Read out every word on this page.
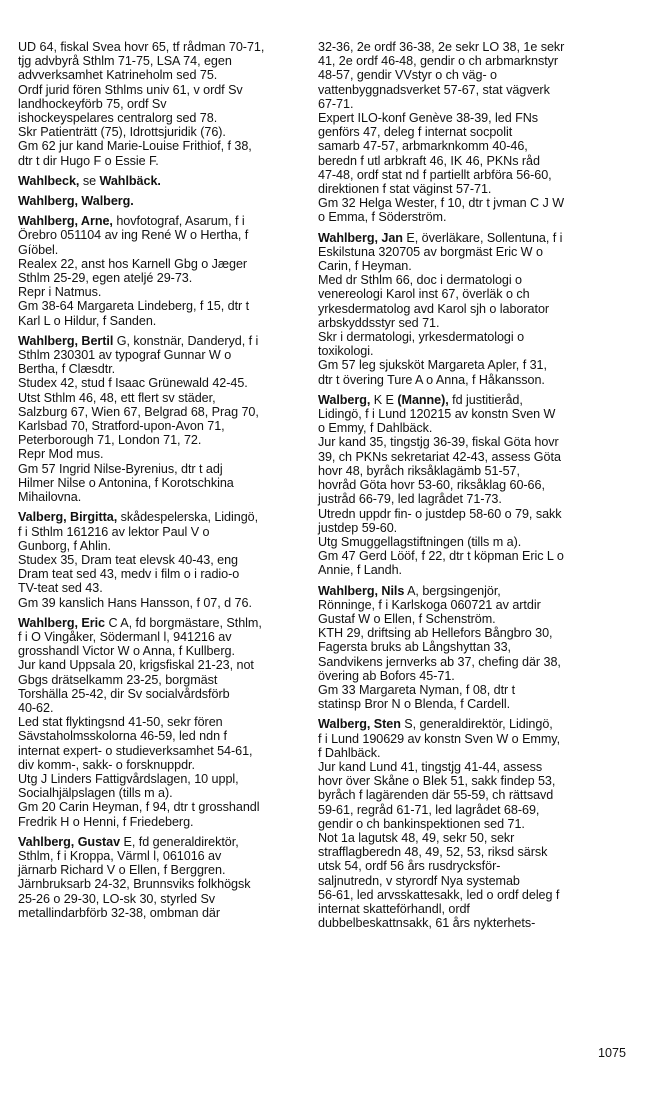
UD 64, fiskal Svea hovr 65, tf rådman 70-71,
tjg advbyrå Sthlm 71-75, LSA 74, egen
advverksamhet Katrineholm sed 75.
Ordf jurid fören Sthlms univ 61, v ordf Sv
landhockeyförb 75, ordf Sv
ishockeyspelares centralorg sed 78.
Skr Patienträtt (75), Idrottsjuridik (76).
Gm 62 jur kand Marie-Louise Frithiof, f 38,
dtr t dir Hugo F o Essie F.
Wahlbeck, se Wahlbäck.
Wahlberg, Walberg.
Wahlberg, Arne, hovfotograf, Asarum, f i
Örebro 051104 av ing René W o Hertha, f
Gíöbel.
Realex 22, anst hos Karnell Gbg o Jæger
Sthlm 25-29, egen ateljé 29-73.
Repr i Natmus.
Gm 38-64 Margareta Lindeberg, f 15, dtr t
Karl L o Hildur, f Sanden.
Wahlberg, Bertil G, konstnär, Danderyd, f i
Sthlm 230301 av typograf Gunnar W o
Bertha, f Clæsdtr.
Studex 42, stud f Isaac Grünewald 42-45.
Utst Sthlm 46, 48, ett flert sv städer,
Salzburg 67, Wien 67, Belgrad 68, Prag 70,
Karlsbad 70, Stratford-upon-Avon 71,
Peterborough 71, London 71, 72.
Repr Mod mus.
Gm 57 Ingrid Nilse-Byrenius, dtr t adj
Hilmer Nilse o Antonina, f Korotschkina
Mihailovna.
Valberg, Birgitta, skådespelerska, Lidingö,
f i Sthlm 161216 av lektor Paul V o
Gunborg, f Ahlin.
Studex 35, Dram teat elevsk 40-43, eng
Dram teat sed 43, medv i film o i radio-o
TV-teat sed 43.
Gm 39 kanslich Hans Hansson, f 07, d 76.
Wahlberg, Eric C A, fd borgmästare, Sthlm,
f i O Vingåker, Södermanl l, 941216 av
grosshandl Victor W o Anna, f Kullberg.
Jur kand Uppsala 20, krigsfiskal 21-23, not
Gbgs drätselkamm 23-25, borgmäst
Torshälla 25-42, dir Sv socialvårdsförb
40-62.
Led stat flyktingsnd 41-50, sekr fören
Sävstaholmsskolorna 46-59, led ndn f
internat expert- o studieverksamhet 54-61,
div komm-, sakk- o forsknuppdr.
Utg J Linders Fattigvårdslagen, 10 uppl,
Socialhjälpslagen (tills m a).
Gm 20 Carin Heyman, f 94, dtr t grosshandl
Fredrik H o Henni, f Friedeberg.
Vahlberg, Gustav E, fd generaldirektör,
Sthlm, f i Kroppa, Värml l, 061016 av
järnarb Richard V o Ellen, f Berggren.
Järnbruksarb 24-32, Brunnsviks folkhögsk
25-26 o 29-30, LO-sk 30, styrled Sv
metallindarbförb 32-38, ombman där
32-36, 2e ordf 36-38, 2e sekr LO 38, 1e sekr
41, 2e ordf 46-48, gendir o ch arbmarknstyr
48-57, gendir VVstyr o ch väg- o
vattenbyggnadsverket 57-67, stat vägverk
67-71.
Expert ILO-konf Genève 38-39, led FNs
genförs 47, deleg f internat socpolit
samarb 47-57, arbmarknkomm 40-46,
beredn f utl arbkraft 46, IK 46, PKNs råd
47-48, ordf stat nd f partiellt arbföra 56-60,
direktionen f stat väginst 57-71.
Gm 32 Helga Wester, f 10, dtr t jvman C J W
o Emma, f Söderström.
Wahlberg, Jan E, överläkare, Sollentuna, f i
Eskilstuna 320705 av borgmäst Eric W o
Carin, f Heyman.
Med dr Sthlm 66, doc i dermatologi o
venereologi Karol inst 67, överläk o ch
yrkesdermatolog avd Karol sjh o laborator
arbskyddsstyr sed 71.
Skr i dermatologi, yrkesdermatologi o
toxikologi.
Gm 57 leg sjuksköt Margareta Apler, f 31,
dtr t övering Ture A o Anna, f Håkansson.
Walberg, K E (Manne), fd justitieråd,
Lidingö, f i Lund 120215 av konstn Sven W
o Emmy, f Dahlbäck.
Jur kand 35, tingstjg 36-39, fiskal Göta hovr
39, ch PKNs sekretariat 42-43, assess Göta
hovr 48, byråch riksåklagämb 51-57,
hovråd Göta hovr 53-60, riksåklag 60-66,
justråd 66-79, led lagrådet 71-73.
Utredn uppdr fin- o justdep 58-60 o 79, sakk
justdep 59-60.
Utg Smuggellagstiftningen (tills m a).
Gm 47 Gerd Lööf, f 22, dtr t köpman Eric L o
Annie, f Landh.
Wahlberg, Nils A, bergsingenjör,
Rönninge, f i Karlskoga 060721 av artdir
Gustaf W o Ellen, f Schenström.
KTH 29, driftsing ab Hellefors Bångbro 30,
Fagersta bruks ab Långshyttan 33,
Sandvikens jernverks ab 37, chefing där 38,
övering ab Bofors 45-71.
Gm 33 Margareta Nyman, f 08, dtr t
statinsp Bror N o Blenda, f Cardell.
Walberg, Sten S, generaldirektör, Lidingö,
f i Lund 190629 av konstn Sven W o Emmy,
f Dahlbäck.
Jur kand Lund 41, tingstjg 41-44, assess
hovr över Skåne o Blek 51, sakk findep 53,
byråch f lagärenden där 55-59, ch rättsavd
59-61, regråd 61-71, led lagrådet 68-69,
gendir o ch bankinspektionen sed 71.
Not 1a lagutsk 48, 49, sekr 50, sekr
strafflagberedn 48, 49, 52, 53, riksd särsk
utsk 54, ordf 56 års rusdrycksför-
saljnutredn, v styrordf Nya systemab
56-61, led arvsskattesakk, led o ordf deleg f
internat skatteförhandl, ordf
dubbelbeskattnsakk, 61 års nykterhets-
1075
